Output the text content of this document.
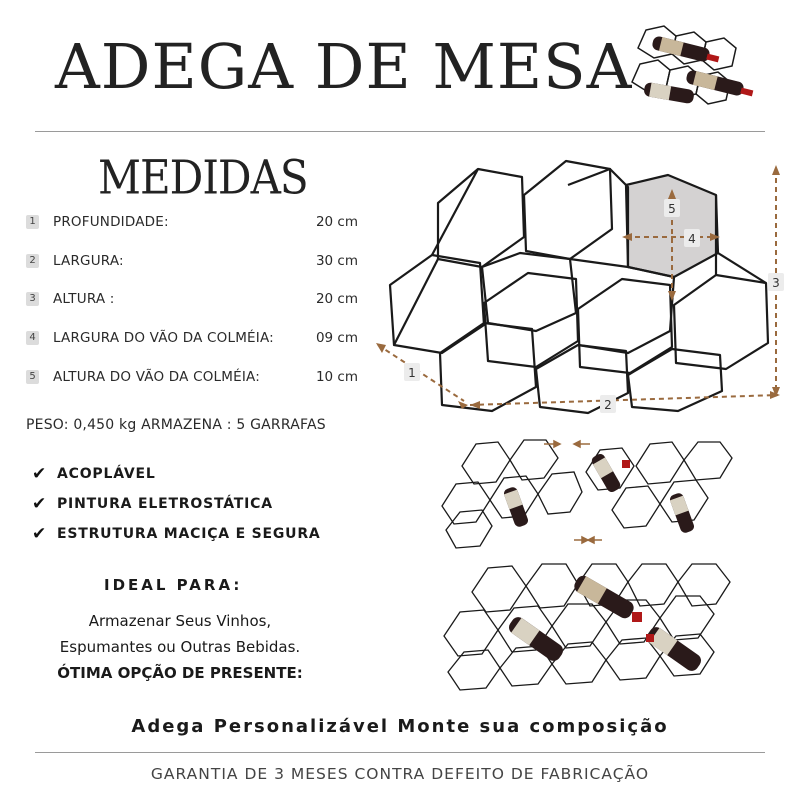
ADEGA DE MESA
MEDIDAS
1 PROFUNDIDADE:	20 cm
2 LARGURA:	30 cm
3 ALTURA :	20 cm
4 LARGURA DO VÃO DA COLMÉIA:	09 cm
5 ALTURA DO VÃO DA COLMÉIA:	10 cm
PESO: 0,450 kg ARMAZENA : 5 GARRAFAS
✔ ACOPLÁVEL
✔ PINTURA ELETROSTÁTICA
✔ ESTRUTURA MACIÇA E SEGURA
IDEAL PARA:
Armazenar Seus Vinhos,
Espumantes ou Outras Bebidas.
ÓTIMA OPÇÃO DE PRESENTE:
1
2
3
4
5
Adega Personalizável Monte sua composição
GARANTIA DE 3 MESES CONTRA DEFEITO DE FABRICAÇÃO
